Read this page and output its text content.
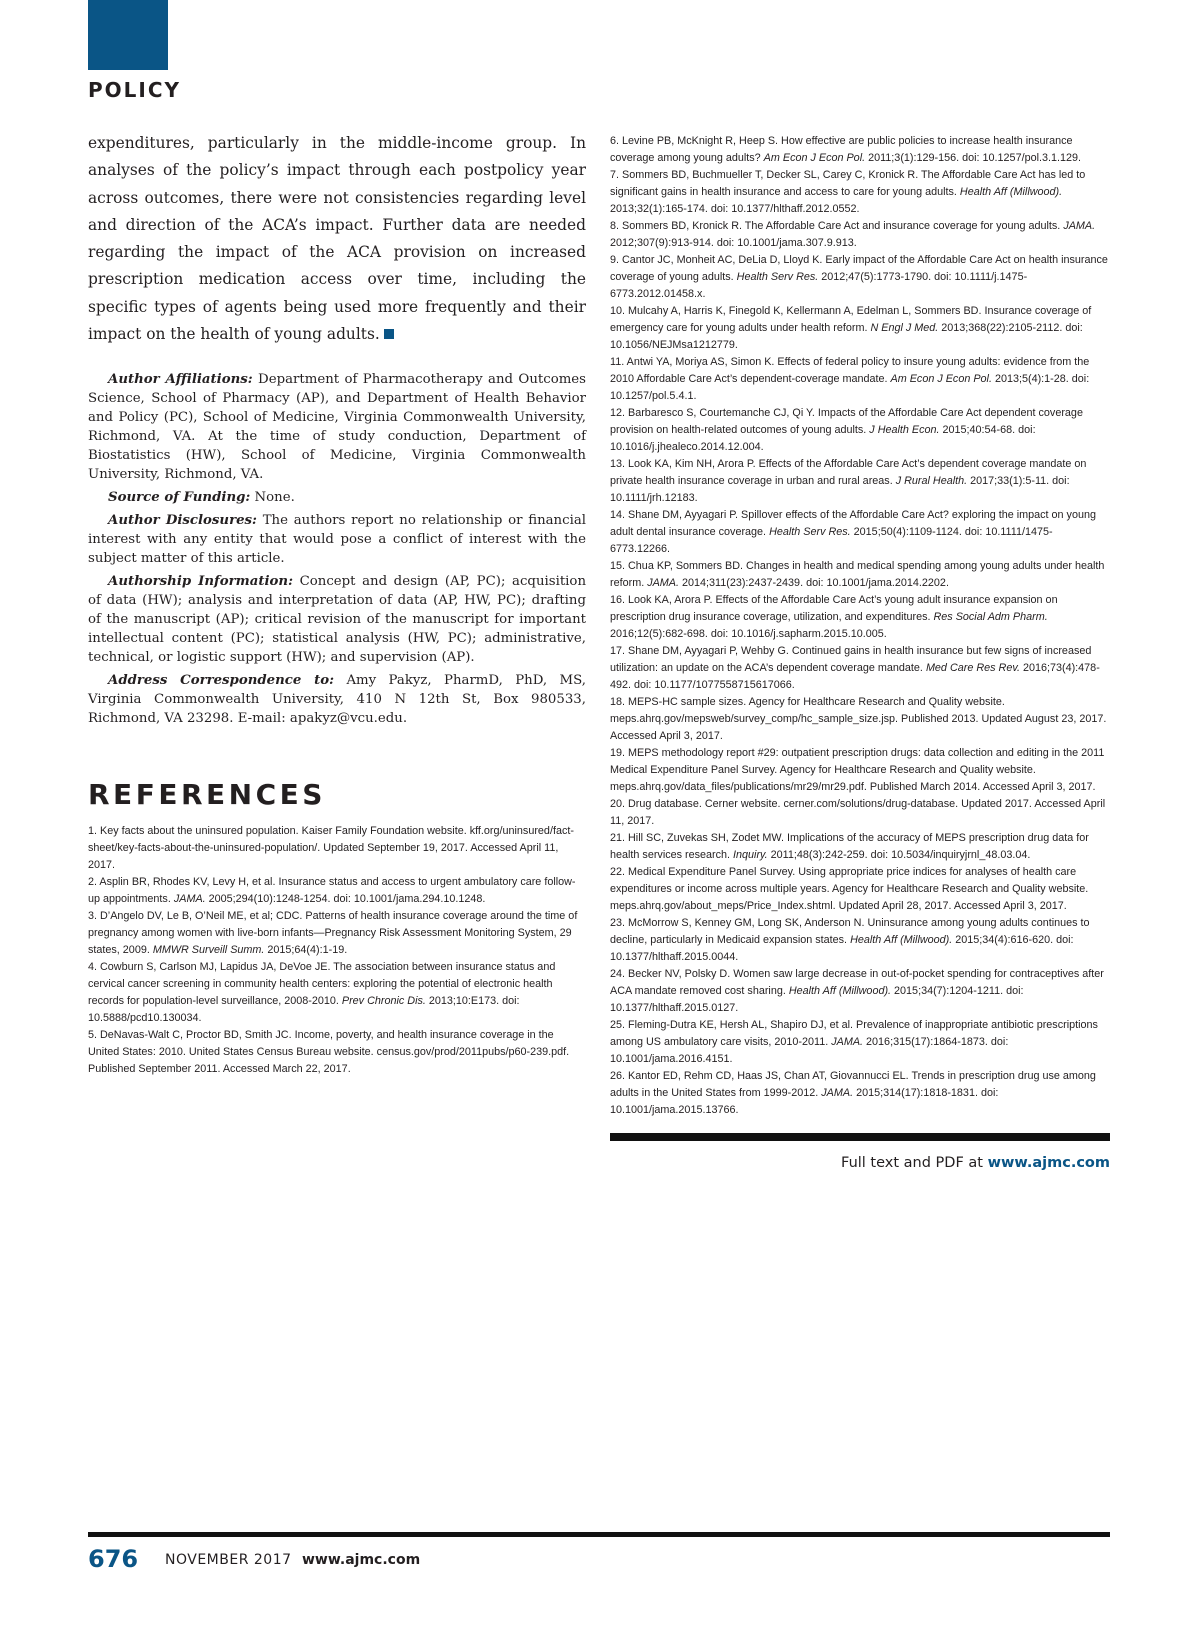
POLICY

expenditures, particularly in the middle-income group. In analyses of the policy’s impact through each postpolicy year across outcomes, there were not consistencies regarding level and direction of the ACA’s impact. Further data are needed regarding the impact of the ACA provision on increased prescription medication access over time, including the specific types of agents being used more frequently and their impact on the health of young adults.

Author Affiliations: Department of Pharmacotherapy and Outcomes Science, School of Pharmacy (AP), and Department of Health Behavior and Policy (PC), School of Medicine, Virginia Commonwealth University, Richmond, VA. At the time of study conduction, Department of Biostatistics (HW), School of Medicine, Virginia Commonwealth University, Richmond, VA.

Source of Funding: None.

Author Disclosures: The authors report no relationship or financial interest with any entity that would pose a conflict of interest with the subject matter of this article.

Authorship Information: Concept and design (AP, PC); acquisition of data (HW); analysis and interpretation of data (AP, HW, PC); drafting of the manuscript (AP); critical revision of the manuscript for important intellectual content (PC); statistical analysis (HW, PC); administrative, technical, or logistic support (HW); and supervision (AP).

Address Correspondence to: Amy Pakyz, PharmD, PhD, MS, Virginia Commonwealth University, 410 N 12th St, Box 980533, Richmond, VA 23298. E-mail: apakyz@vcu.edu.

REFERENCES
1. Key facts about the uninsured population. Kaiser Family Foundation website. kff.org/uninsured/fact-sheet/key-facts-about-the-uninsured-population/. Updated September 19, 2017. Accessed April 11, 2017.
2. Asplin BR, Rhodes KV, Levy H, et al. Insurance status and access to urgent ambulatory care follow-up appointments. JAMA. 2005;294(10):1248-1254. doi: 10.1001/jama.294.10.1248.
3. D’Angelo DV, Le B, O’Neil ME, et al; CDC. Patterns of health insurance coverage around the time of pregnancy among women with live-born infants—Pregnancy Risk Assessment Monitoring System, 29 states, 2009. MMWR Surveill Summ. 2015;64(4):1-19.
4. Cowburn S, Carlson MJ, Lapidus JA, DeVoe JE. The association between insurance status and cervical cancer screening in community health centers: exploring the potential of electronic health records for population-level surveillance, 2008-2010. Prev Chronic Dis. 2013;10:E173. doi: 10.5888/pcd10.130034.
5. DeNavas-Walt C, Proctor BD, Smith JC. Income, poverty, and health insurance coverage in the United States: 2010. United States Census Bureau website. census.gov/prod/2011pubs/p60-239.pdf. Published September 2011. Accessed March 22, 2017.
6. Levine PB, McKnight R, Heep S. How effective are public policies to increase health insurance coverage among young adults? Am Econ J Econ Pol. 2011;3(1):129-156. doi: 10.1257/pol.3.1.129.
7. Sommers BD, Buchmueller T, Decker SL, Carey C, Kronick R. The Affordable Care Act has led to significant gains in health insurance and access to care for young adults. Health Aff (Millwood). 2013;32(1):165-174. doi: 10.1377/hlthaff.2012.0552.
8. Sommers BD, Kronick R. The Affordable Care Act and insurance coverage for young adults. JAMA. 2012;307(9):913-914. doi: 10.1001/jama.307.9.913.
9. Cantor JC, Monheit AC, DeLia D, Lloyd K. Early impact of the Affordable Care Act on health insurance coverage of young adults. Health Serv Res. 2012;47(5):1773-1790. doi: 10.1111/j.1475-6773.2012.01458.x.
10. Mulcahy A, Harris K, Finegold K, Kellermann A, Edelman L, Sommers BD. Insurance coverage of emergency care for young adults under health reform. N Engl J Med. 2013;368(22):2105-2112. doi: 10.1056/NEJMsa1212779.
11. Antwi YA, Moriya AS, Simon K. Effects of federal policy to insure young adults: evidence from the 2010 Affordable Care Act’s dependent-coverage mandate. Am Econ J Econ Pol. 2013;5(4):1-28. doi: 10.1257/pol.5.4.1.
12. Barbaresco S, Courtemanche CJ, Qi Y. Impacts of the Affordable Care Act dependent coverage provision on health-related outcomes of young adults. J Health Econ. 2015;40:54-68. doi: 10.1016/j.jhealeco.2014.12.004.
13. Look KA, Kim NH, Arora P. Effects of the Affordable Care Act’s dependent coverage mandate on private health insurance coverage in urban and rural areas. J Rural Health. 2017;33(1):5-11. doi: 10.1111/jrh.12183.
14. Shane DM, Ayyagari P. Spillover effects of the Affordable Care Act? exploring the impact on young adult dental insurance coverage. Health Serv Res. 2015;50(4):1109-1124. doi: 10.1111/1475-6773.12266.
15. Chua KP, Sommers BD. Changes in health and medical spending among young adults under health reform. JAMA. 2014;311(23):2437-2439. doi: 10.1001/jama.2014.2202.
16. Look KA, Arora P. Effects of the Affordable Care Act’s young adult insurance expansion on prescription drug insurance coverage, utilization, and expenditures. Res Social Adm Pharm. 2016;12(5):682-698. doi: 10.1016/j.sapharm.2015.10.005.
17. Shane DM, Ayyagari P, Wehby G. Continued gains in health insurance but few signs of increased utilization: an update on the ACA’s dependent coverage mandate. Med Care Res Rev. 2016;73(4):478-492. doi: 10.1177/1077558715617066.
18. MEPS-HC sample sizes. Agency for Healthcare Research and Quality website. meps.ahrq.gov/mepsweb/survey_comp/hc_sample_size.jsp. Published 2013. Updated August 23, 2017. Accessed April 3, 2017.
19. MEPS methodology report #29: outpatient prescription drugs: data collection and editing in the 2011 Medical Expenditure Panel Survey. Agency for Healthcare Research and Quality website. meps.ahrq.gov/data_files/publications/mr29/mr29.pdf. Published March 2014. Accessed April 3, 2017.
20. Drug database. Cerner website. cerner.com/solutions/drug-database. Updated 2017. Accessed April 11, 2017.
21. Hill SC, Zuvekas SH, Zodet MW. Implications of the accuracy of MEPS prescription drug data for health services research. Inquiry. 2011;48(3):242-259. doi: 10.5034/inquiryjrnl_48.03.04.
22. Medical Expenditure Panel Survey. Using appropriate price indices for analyses of health care expenditures or income across multiple years. Agency for Healthcare Research and Quality website. meps.ahrq.gov/about_meps/Price_Index.shtml. Updated April 28, 2017. Accessed April 3, 2017.
23. McMorrow S, Kenney GM, Long SK, Anderson N. Uninsurance among young adults continues to decline, particularly in Medicaid expansion states. Health Aff (Millwood). 2015;34(4):616-620. doi: 10.1377/hlthaff.2015.0044.
24. Becker NV, Polsky D. Women saw large decrease in out-of-pocket spending for contraceptives after ACA mandate removed cost sharing. Health Aff (Millwood). 2015;34(7):1204-1211. doi: 10.1377/hlthaff.2015.0127.
25. Fleming-Dutra KE, Hersh AL, Shapiro DJ, et al. Prevalence of inappropriate antibiotic prescriptions among US ambulatory care visits, 2010-2011. JAMA. 2016;315(17):1864-1873. doi: 10.1001/jama.2016.4151.
26. Kantor ED, Rehm CD, Haas JS, Chan AT, Giovannucci EL. Trends in prescription drug use among adults in the United States from 1999-2012. JAMA. 2015;314(17):1818-1831. doi: 10.1001/jama.2015.13766.
Full text and PDF at www.ajmc.com
676 NOVEMBER 2017 www.ajmc.com
